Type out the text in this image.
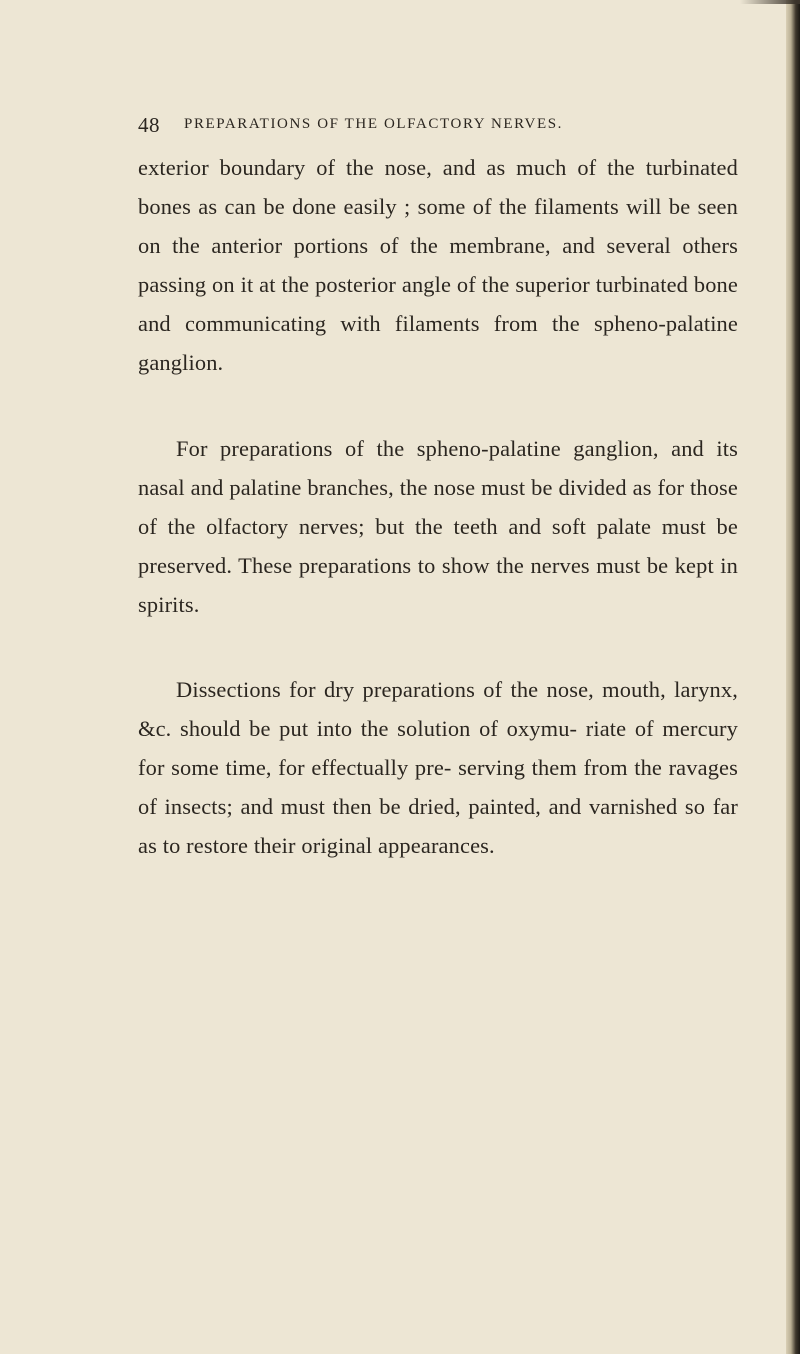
48 PREPARATIONS OF THE OLFACTORY NERVES.

exterior boundary of the nose, and as much of the turbinated bones as can be done easily ; some of the filaments will be seen on the anterior portions of the membrane, and several others passing on it at the posterior angle of the superior turbinated bone and communicating with filaments from the spheno-palatine ganglion.

For preparations of the spheno-palatine ganglion, and its nasal and palatine branches, the nose must be divided as for those of the olfactory nerves; but the teeth and soft palate must be preserved. These preparations to show the nerves must be kept in spirits.

Dissections for dry preparations of the nose, mouth, larynx, &c. should be put into the solution of oxymu- riate of mercury for some time, for effectually pre- serving them from the ravages of insects; and must then be dried, painted, and varnished so far as to restore their original appearances.
